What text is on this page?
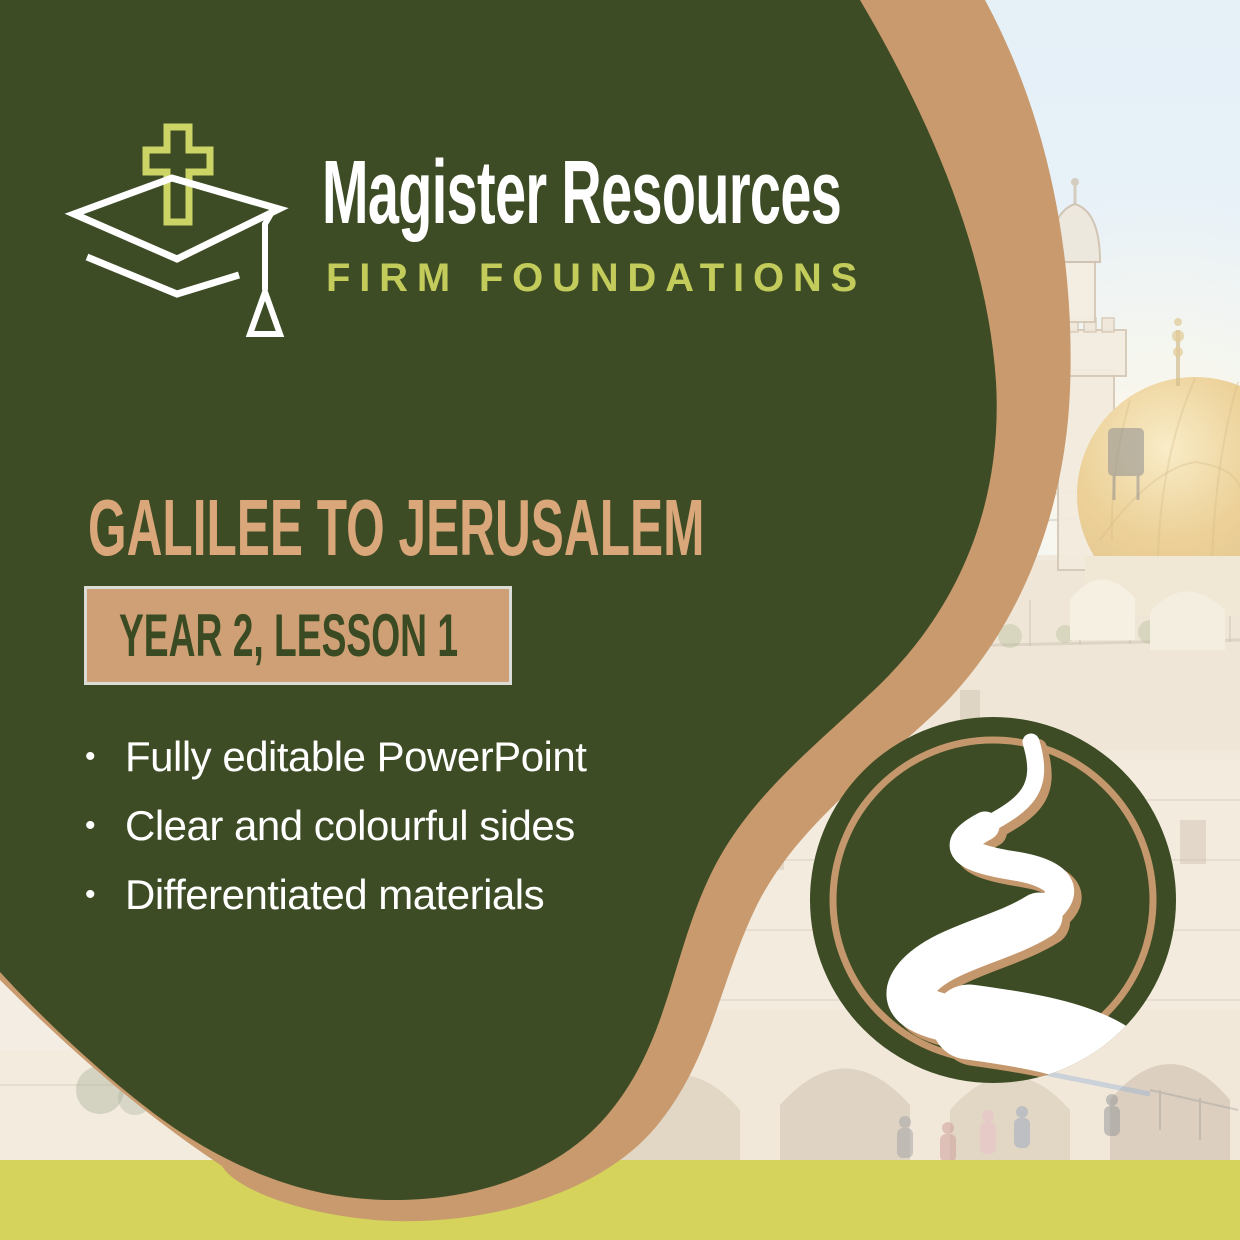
Magister Resources
FIRM FOUNDATIONS
GALILEE TO JERUSALEM
YEAR 2, LESSON 1
• Fully editable PowerPoint
• Clear and colourful sides
• Differentiated materials
